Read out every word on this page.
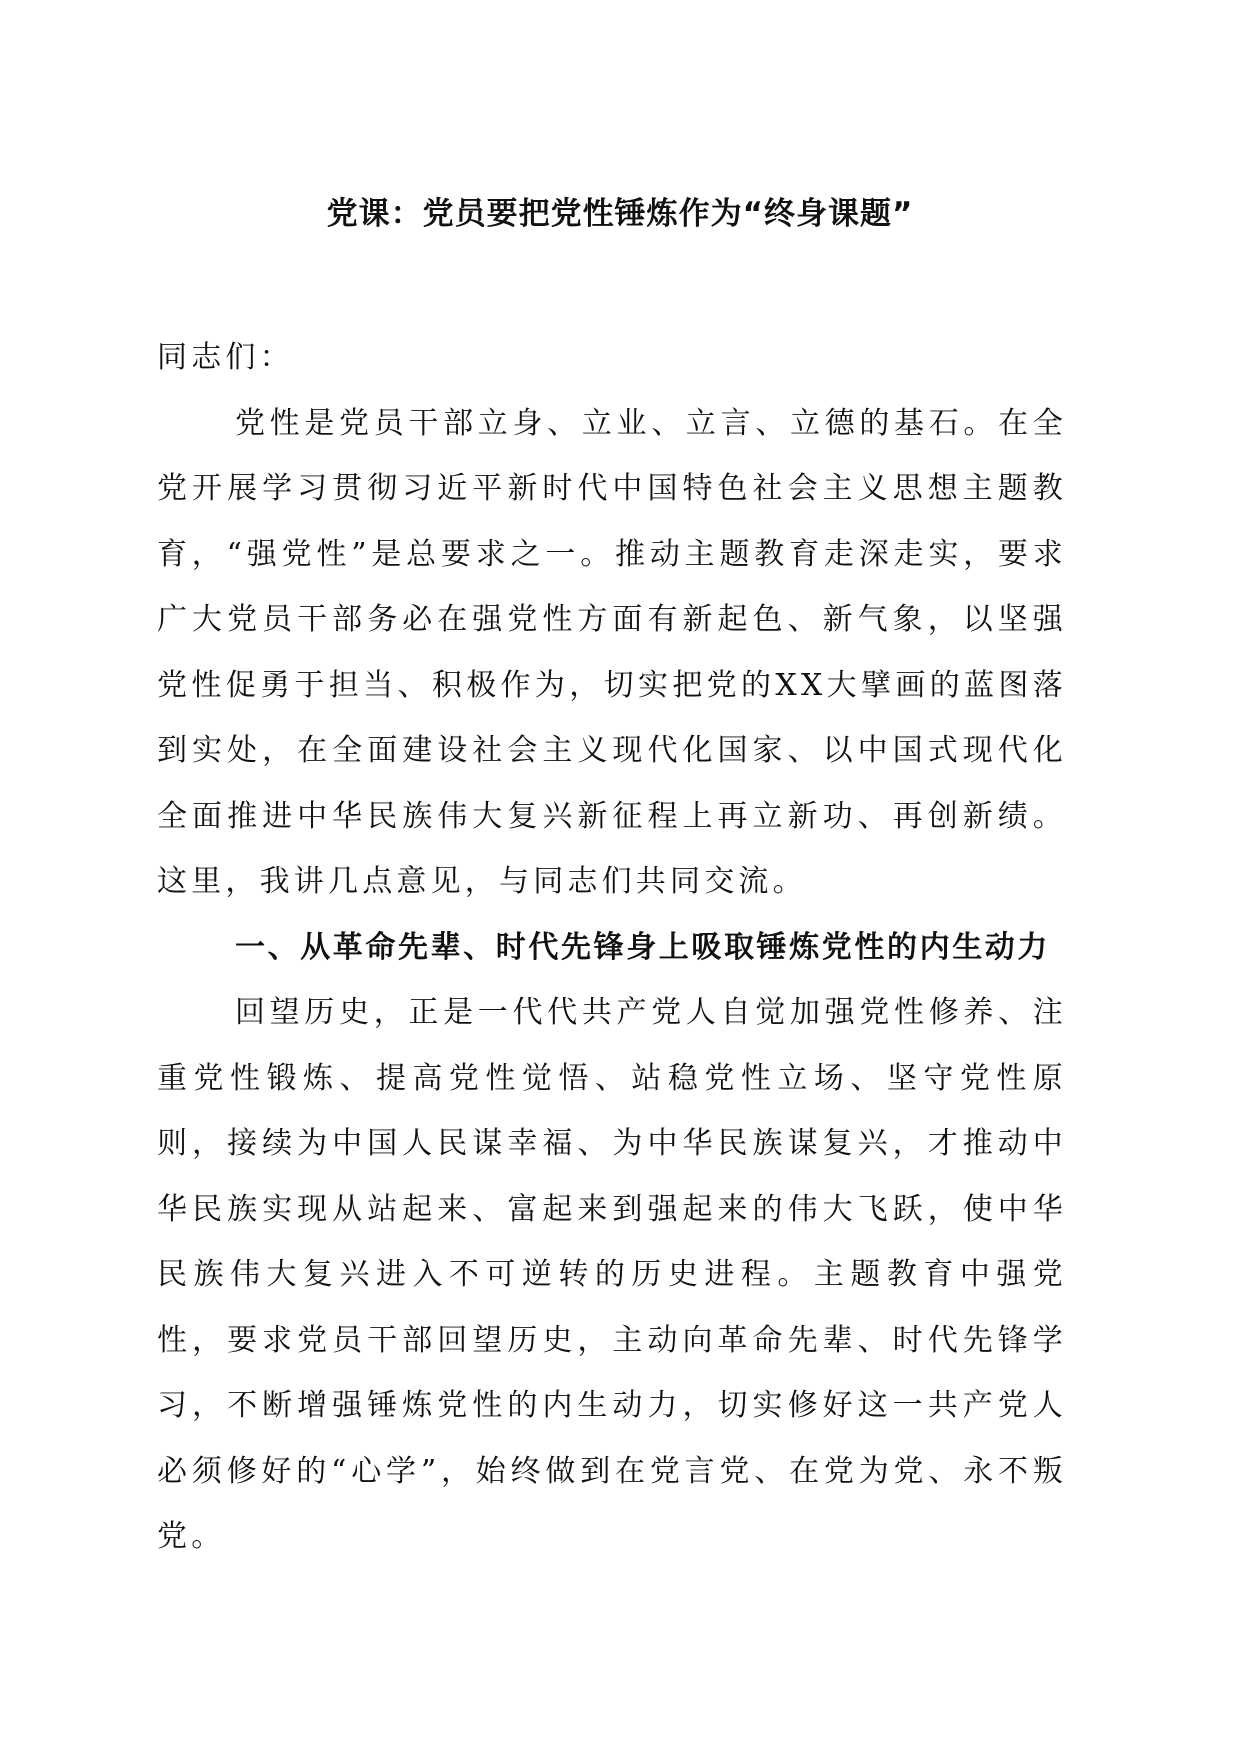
党课：党员要把党性锤炼作为“终身课题”

同志们：

党性是党员干部立身、立业、立言、立德的基石。在全党开展学习贯彻习近平新时代中国特色社会主义思想主题教育，“强党性”是总要求之一。推动主题教育走深走实，要求广大党员干部务必在强党性方面有新起色、新气象，以坚强党性促勇于担当、积极作为，切实把党的XX大擘画的蓝图落到实处，在全面建设社会主义现代化国家、以中国式现代化全面推进中华民族伟大复兴新征程上再立新功、再创新绩。这里，我讲几点意见，与同志们共同交流。

一、从革命先辈、时代先锋身上吸取锤炼党性的内生动力

回望历史，正是一代代共产党人自觉加强党性修养、注重党性锻炼、提高党性觉悟、站稳党性立场、坚守党性原则，接续为中国人民谋幸福、为中华民族谋复兴，才推动中华民族实现从站起来、富起来到强起来的伟大飞跃，使中华民族伟大复兴进入不可逆转的历史进程。主题教育中强党性，要求党员干部回望历史，主动向革命先辈、时代先锋学习，不断增强锤炼党性的内生动力，切实修好这一共产党人必须修好的“心学”，始终做到在党言党、在党为党、永不叛党。
